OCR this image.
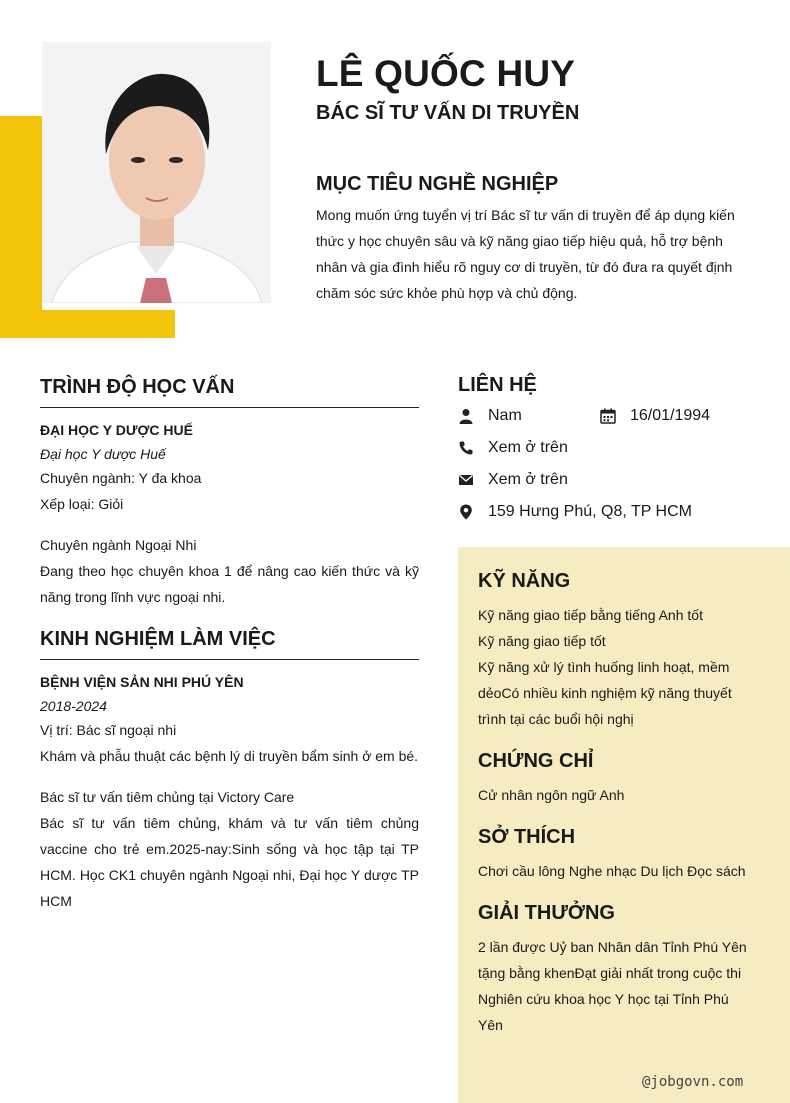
LÊ QUỐC HUY
BÁC SĨ TƯ VẤN DI TRUYỀN
MỤC TIÊU NGHỀ NGHIỆP

Mong muốn ứng tuyển vị trí Bác sĩ tư vấn di truyền để áp dụng kiến thức y học chuyên sâu và kỹ năng giao tiếp hiệu quả, hỗ trợ bệnh nhân và gia đình hiểu rõ nguy cơ di truyền, từ đó đưa ra quyết định chăm sóc sức khỏe phù hợp và chủ động.

TRÌNH ĐỘ HỌC VẤN
ĐẠI HỌC Y DƯỢC HUẾ
Đại học Y dược Huế
Chuyên ngành: Y đa khoa
Xếp loại: Giỏi
Chuyên ngành Ngoại Nhi
Đang theo học chuyên khoa 1 để nâng cao kiến thức và kỹ năng trong lĩnh vực ngoại nhi.
KINH NGHIỆM LÀM VIỆC
BỆNH VIỆN SẢN NHI PHÚ YÊN
2018-2024
Vị trí: Bác sĩ ngoại nhi
Khám và phẫu thuật các bệnh lý di truyền bẩm sinh ở em bé.
Bác sĩ tư vấn tiêm chủng tại Victory Care
Bác sĩ tư vấn tiêm chủng, khám và tư vấn tiêm chủng vaccine cho trẻ em.2025-nay:Sinh sống và học tập tại TP HCM. Học CK1 chuyên ngành Ngoại nhi, Đại học Y dược TP HCM
LIÊN HỆ
Nam	16/01/1994
Xem ở trên
Xem ở trên
159 Hưng Phú, Q8, TP HCM
KỸ NĂNG
Kỹ năng giao tiếp bằng tiếng Anh tốt
Kỹ năng giao tiếp tốt
Kỹ năng xử lý tình huống linh hoạt, mềm dẻoCó nhiều kinh nghiệm kỹ năng thuyết trình tại các buổi hội nghị
CHỨNG CHỈ
Cử nhân ngôn ngữ Anh
SỞ THÍCH
Chơi cầu lông Nghe nhạc Du lịch Đọc sách
GIẢI THƯỞNG
2 lần được Uỷ ban Nhân dân Tỉnh Phú Yên tặng bằng khenĐạt giải nhất trong cuộc thi Nghiên cứu khoa học Y học tại Tỉnh Phú Yên
@jobgovn.com
